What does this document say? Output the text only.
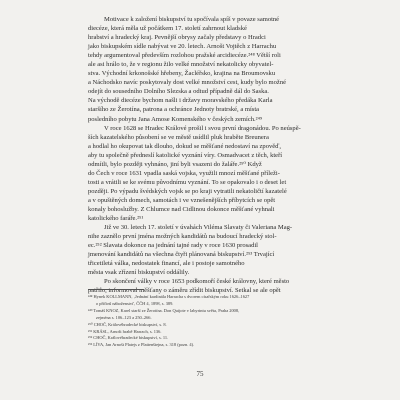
Motivace k založení biskupství tu spočívala spíš v povaze samotné
diecéze, která měla už počátkem 17. století zahrnout kladské
hrabství a hradecký kraj. Pevnější obrysy začaly představy o Hradci
jako biskupském sídle nabývat ve 20. letech. Arnošt Vojtěch z Harrachu
tehdy argumentoval především rozlohou pražské arcidiecéze.²⁴⁸ Větší roli
ale asi hrálo to, že v regionu žilo velké množství nekatolicky obyvatel-
stva. Východní krkonošské hřebeny, Žacléřsko, krajina na Broumovsku
a Náchodsko navíc poskytovaly dost velké množství cest, kudy bylo možné
odejít do sousedního Dolního Slezska a odtud případně dál do Saska.
Na východě diecéze bychom našli i državy moravského předáka Karla
staršího ze Žerotína, patrona a ochránce Jednoty bratrské, a místa
posledního pobytu Jana Amose Komenského v českých zemích.²⁴⁹
V roce 1628 se Hradec Králové prošil i svou první dragonádou. Po neúspě-
ších kazatelského působení se ve městě usídlil pluk hraběte Breunera
a hodlal ho okupovat tak dlouho, dokud se měšťané nedostaví na zpověď,
aby tu společně předneslí katolické vyznání víry. Osmadvacet z těch, kteří
odmítli, bylo později vyhnáno, jiní byli vsazeni do žaláře.²⁵⁰ Když
do Čech v roce 1631 vpadla saská vojska, využili mnozí měšťané příleži-
tosti a vrátili se ke svému původnímu vyznání. To se opakovalo i o deset let
později. Po výpadu švédských vojsk se po kraji vytratili nekatoličtí kazatelé
a v opuštěných domech, samotách i ve vznešenějších příbytcích se opět
konaly bohoslužby. Z Chlumce nad Cidlinou dokonce měšťané vyhnali
katolického faráře.²⁵¹
Již ve 30. letech 17. století v úvahách Viléma Slavaty či Valeriana Mag-
nihe zaznělo první jména možných kandidátů na budoucí hradecký stol-
ec.²⁵² Slavata dokonce na jednání tajné rady v roce 1630 prosadil
jmenování kandidátů na všechna čtyři plánovaná biskupství.²⁵³ Trvající
třicetiletá válka, nedostatek financí, ale i postoje samotného
města vsak zřízení biskupství oddálily.
Po skončení války v roce 1653 podkomoří české královny, které město
patřilo, informoval měšťany o záměru zřídit biskupství. Setkal se ale opět
²⁴⁸ Hynek KOLLMANN, ‚Jednání kardinála Harracha s dvorem císařským roku 1626–1627
o příčinš náboženství', ČČH 4, 1898, s. 389.
²⁴⁹ Tomáš KNOZ, Karel starší ze Žerotína. Don Quijote v labyrintu světa, Praha 2008,
zejména s. 106–123 a 250–266.
²⁵⁰ CHOČ, Královéhradecké biskupství, s. 8.
²⁵¹ KRÁSL, Arnošt hrabě Harrach, s. 136.
²⁵² CHOČ, Královéhradecké biskupství, s. 11.
²⁵³ LÍVA, Jan Arnošt Platejs z Plattenštejna, s. 318 (pozn. 4).
75
